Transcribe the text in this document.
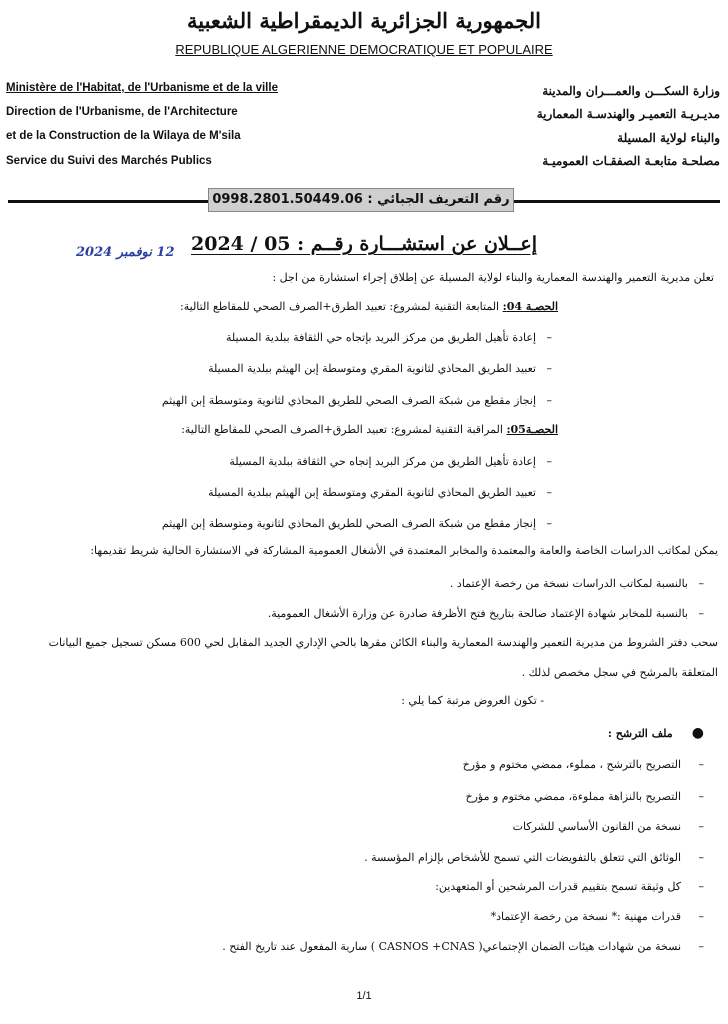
الجمهورية الجزائرية الديمقراطية الشعبية
REPUBLIQUE ALGERIENNE DEMOCRATIQUE ET POPULAIRE
Ministère de l'Habitat, de l'Urbanisme et de la ville
Direction de l'Urbanisme, de l'Architecture
et de la Construction de la Wilaya de M'sila
Service du Suivi des Marchés Publics
وزارة السكـــن والعمـــران والمدينة
مديـريـة التعميـر والهندسـة المعمارية
والبناء لولاية المسيلة
مصلحـة متابعـة الصفقـات العموميـة
رقم التعريف الجبائي : 0998.2801.50449.06
12 نوفمبر 2024 إعــلان عن استشـــارة رقــم : 05 / 2024
تعلن مديرية التعمير والهندسة المعمارية والبناء لولاية المسيلة عن إطلاق إجراء استشارة من اجل :
الحصـة 04: المتابعة التقنية لمشروع: تعبيد الطرق+الصرف الصحي للمقاطع التالية:
–   إعادة تأهيل الطريق من مركز البريد بإتجاه حي الثقافة ببلدية المسيلة
–   تعبيد الطريق المحاذي لثانوية المقري ومتوسطة إبن الهيثم ببلدية المسيلة
–   إنجاز مقطع من شبكة الصرف الصحي للطريق المحاذي لثانوية ومتوسطة إبن الهيثم
الحصـة05: المراقبة التقنية لمشروع: تعبيد الطرق+الصرف الصحي للمقاطع التالية:
–   إعادة تأهيل الطريق من مركز البريد إتجاه حي الثقافة ببلدية المسيلة
–   تعبيد الطريق المحاذي لثانوية المقري ومتوسطة إبن الهيثم ببلدية المسيلة
–   إنجاز مقطع من شبكة الصرف الصحي للطريق المحاذي لثانوية ومتوسطة إبن الهيثم
يمكن لمكاتب الدراسات الخاصة والعامة والمعتمدة والمخابر المعتمدة في الأشغال العمومية المشاركة في الاستشارة الحالية شريط تقديمها:
–   بالنسبة لمكاتب الدراسات نسخة من رخصة الإعتماد .
–   بالنسبة للمخابر شهادة الإعتماد صالحة بتاريخ فتح الأظرفة صادرة عن وزارة الأشغال العمومية.
سحب دفتر الشروط من مديرية التعمير والهندسة المعمارية والبناء الكائن مقرها بالحي الإداري الجديد المقابل لحي 600 مسكن تسجيل جميع البيانات
المتعلقة بالمرشح في سجل مخصص لذلك .
- تكون العروض مرتبة كما يلي :
●     ملف الترشح :
–     التصريح بالترشح ، مملوء، ممضي مختوم و مؤرخ
–     التصريح بالنزاهة مملوءة، ممضي مختوم و مؤرخ
–     نسخة من القانون الأساسي للشركات
–     الوثائق التي تتعلق بالتفويضات التي تسمح للأشخاص بإلزام المؤسسة .
–     كل وثيقة تسمح بتقييم قدرات المرشحين أو المتعهدين:
–     قدرات مهنية :* نسخة من رخصة الإعتماد*
–     نسخة من شهادات هيئات الضمان الإجتماعي( CASNOS +CNAS ) سارية المفعول عند تاريخ الفتح .
1/1
